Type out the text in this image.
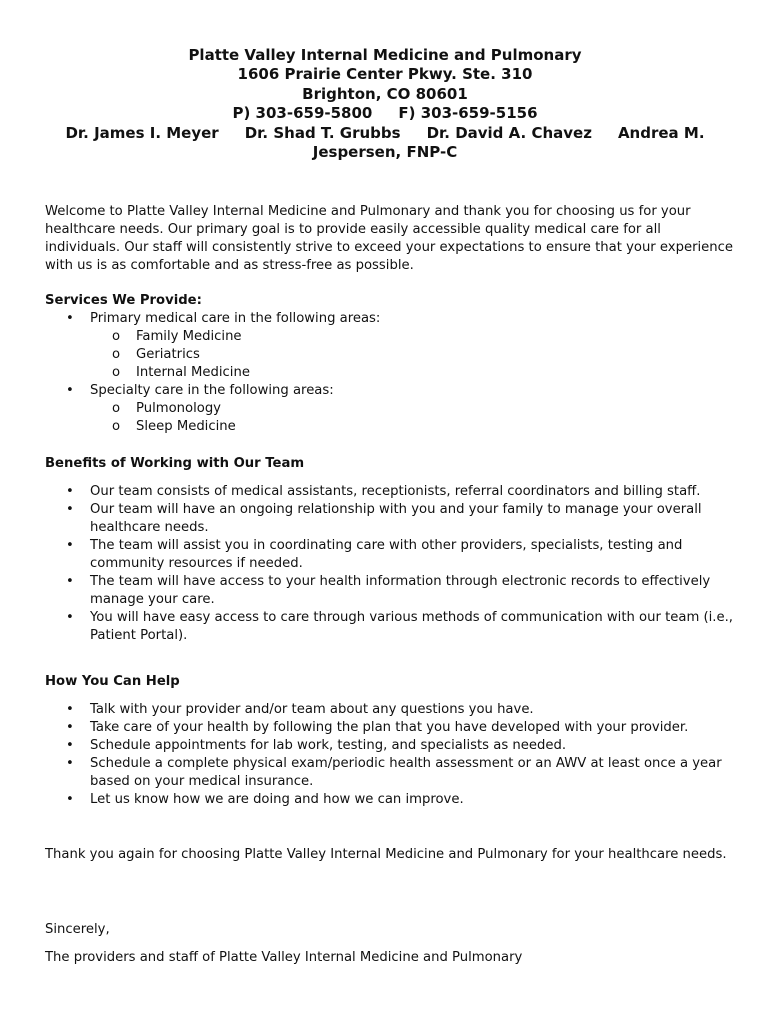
Platte Valley Internal Medicine and Pulmonary
1606 Prairie Center Pkwy. Ste. 310
Brighton, CO 80601
P) 303-659-5800 F) 303-659-5156
Dr. James I. Meyer Dr. Shad T. Grubbs Dr. David A. Chavez Andrea M. Jespersen, FNP-C

Welcome to Platte Valley Internal Medicine and Pulmonary and thank you for choosing us for your healthcare needs. Our primary goal is to provide easily accessible quality medical care for all individuals. Our staff will consistently strive to exceed your expectations to ensure that your experience with us is as comfortable and as stress-free as possible.

Services We Provide:
• Primary medical care in the following areas:
o Family Medicine
o Geriatrics
o Internal Medicine
• Specialty care in the following areas:
o Pulmonology
o Sleep Medicine
Benefits of Working with Our Team
• Our team consists of medical assistants, receptionists, referral coordinators and billing staff.
• Our team will have an ongoing relationship with you and your family to manage your overall healthcare needs.
• The team will assist you in coordinating care with other providers, specialists, testing and community resources if needed.
• The team will have access to your health information through electronic records to effectively manage your care.
• You will have easy access to care through various methods of communication with our team (i.e., Patient Portal).
How You Can Help
• Talk with your provider and/or team about any questions you have.
• Take care of your health by following the plan that you have developed with your provider.
• Schedule appointments for lab work, testing, and specialists as needed.
• Schedule a complete physical exam/periodic health assessment or an AWV at least once a year based on your medical insurance.
• Let us know how we are doing and how we can improve.

Thank you again for choosing Platte Valley Internal Medicine and Pulmonary for your healthcare needs.

Sincerely,

The providers and staff of Platte Valley Internal Medicine and Pulmonary
